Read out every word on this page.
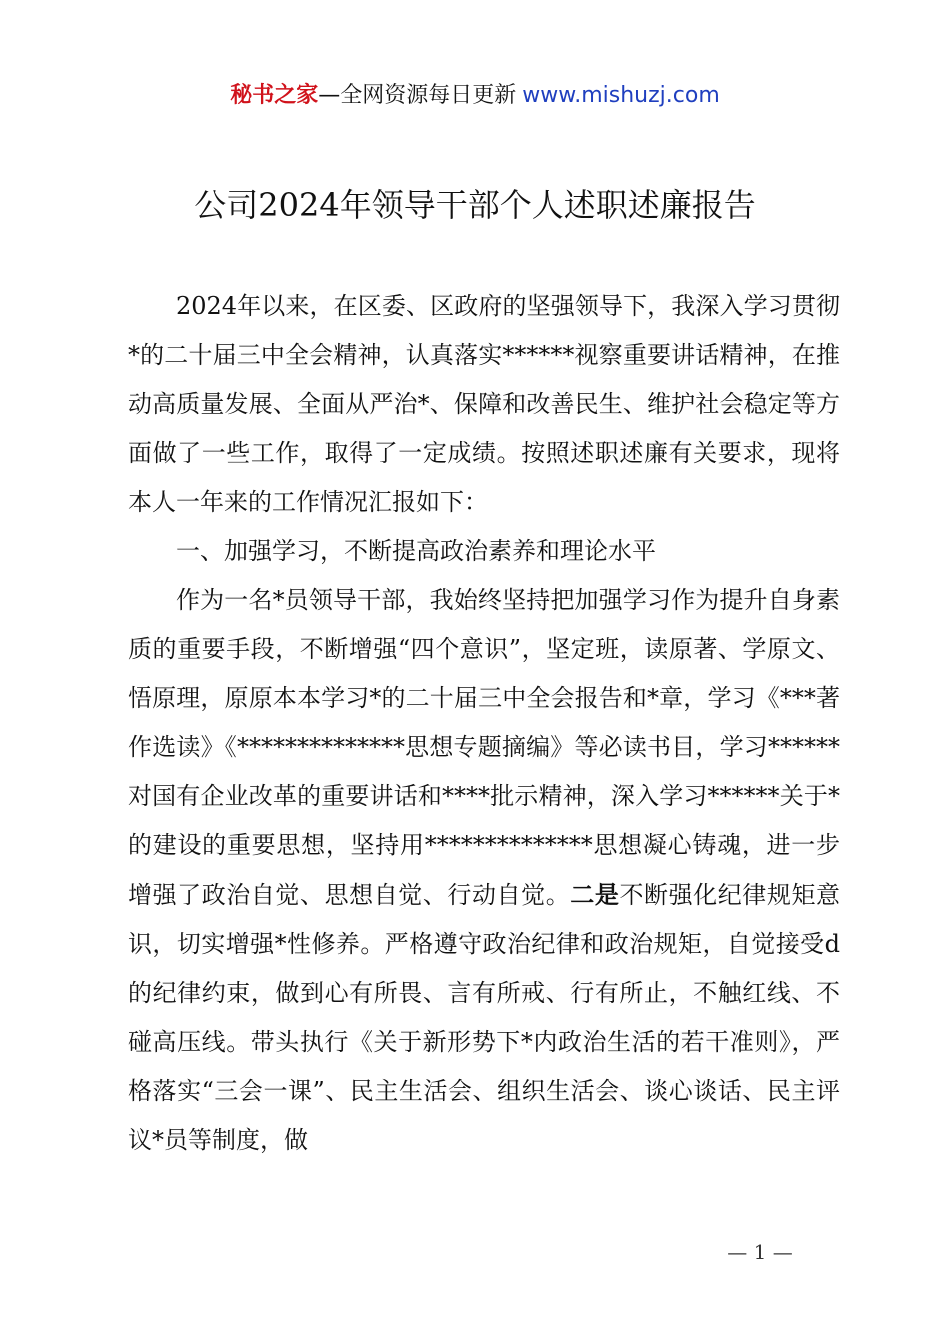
秘书之家—全网资源每日更新 www.mishuzj.com
公司2024年领导干部个人述职述廉报告

2024年以来，在区委、区政府的坚强领导下，我深入学习贯彻*的二十届三中全会精神，认真落实******视察重要讲话精神，在推动高质量发展、全面从严治*、保障和改善民生、维护社会稳定等方面做了一些工作，取得了一定成绩。按照述职述廉有关要求，现将本人一年来的工作情况汇报如下：

一、加强学习，不断提高政治素养和理论水平

作为一名*员领导干部，我始终坚持把加强学习作为提升自身素质的重要手段，不断增强“四个意识”，坚定班，读原著、学原文、悟原理，原原本本学习*的二十届三中全会报告和*章，学习《***著作选读》《**************思想专题摘编》等必读书目，学习******对国有企业改革的重要讲话和****批示精神，深入学习******关于*的建设的重要思想，坚持用**************思想凝心铸魂，进一步增强了政治自觉、思想自觉、行动自觉。二是不断强化纪律规矩意识，切实增强*性修养。严格遵守政治纪律和政治规矩，自觉接受d的纪律约束，做到心有所畏、言有所戒、行有所止，不触红线、不碰高压线。带头执行《关于新形势下*内政治生活的若干准则》，严格落实“三会一课”、民主生活会、组织生活会、谈心谈话、民主评议*员等制度，做

— 1 —
